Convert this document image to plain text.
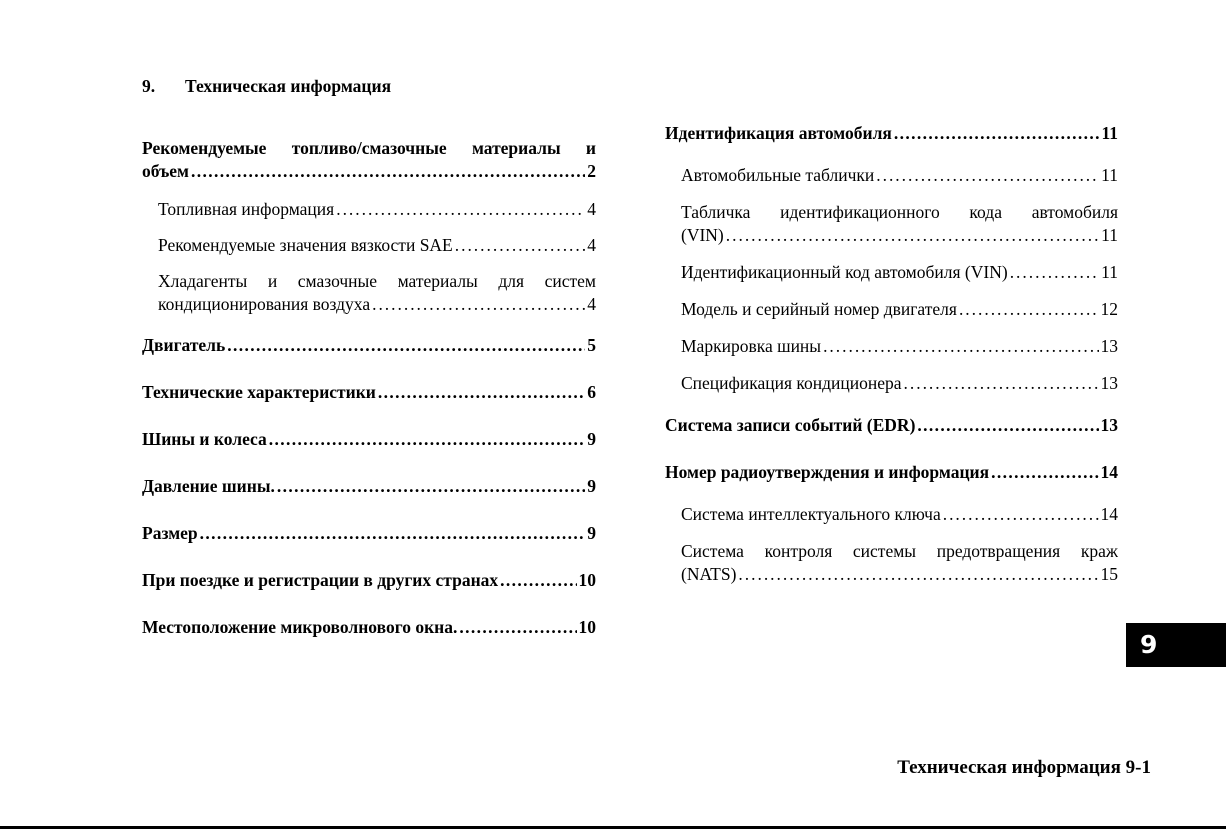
9. Техническая информация
Рекомендуемые топливо/смазочные материалы и
объем . . .	2
Топливная информация . . .	4
Рекомендуемые значения вязкости SAE . . .	4
Хладагенты и смазочные материалы для систем
кондиционирования воздуха . . .	4
Двигатель . . .	5
Технические характеристики . . .	6
Шины и колеса . . .	9
Давление шины. . . .	9
Размер . . .	9
При поездке и регистрации в других странах . . .	10
Местоположение микроволнового окна. . . .	10
Идентификация автомобиля . . .	11
Автомобильные таблички . . .	11
Табличка идентификационного кода автомобиля
(VIN) . . .	11
Идентификационный код автомобиля (VIN) . . .	11
Модель и серийный номер двигателя . . .	12
Маркировка шины . . .	13
Спецификация кондиционера . . .	13
Система записи событий (EDR) . . .	13
Номер радиоутверждения и информация . . .	14
Система интеллектуального ключа . . .	14
Система контроля системы предотвращения краж
(NATS) . . .	15
9
Техническая информация 9-1
